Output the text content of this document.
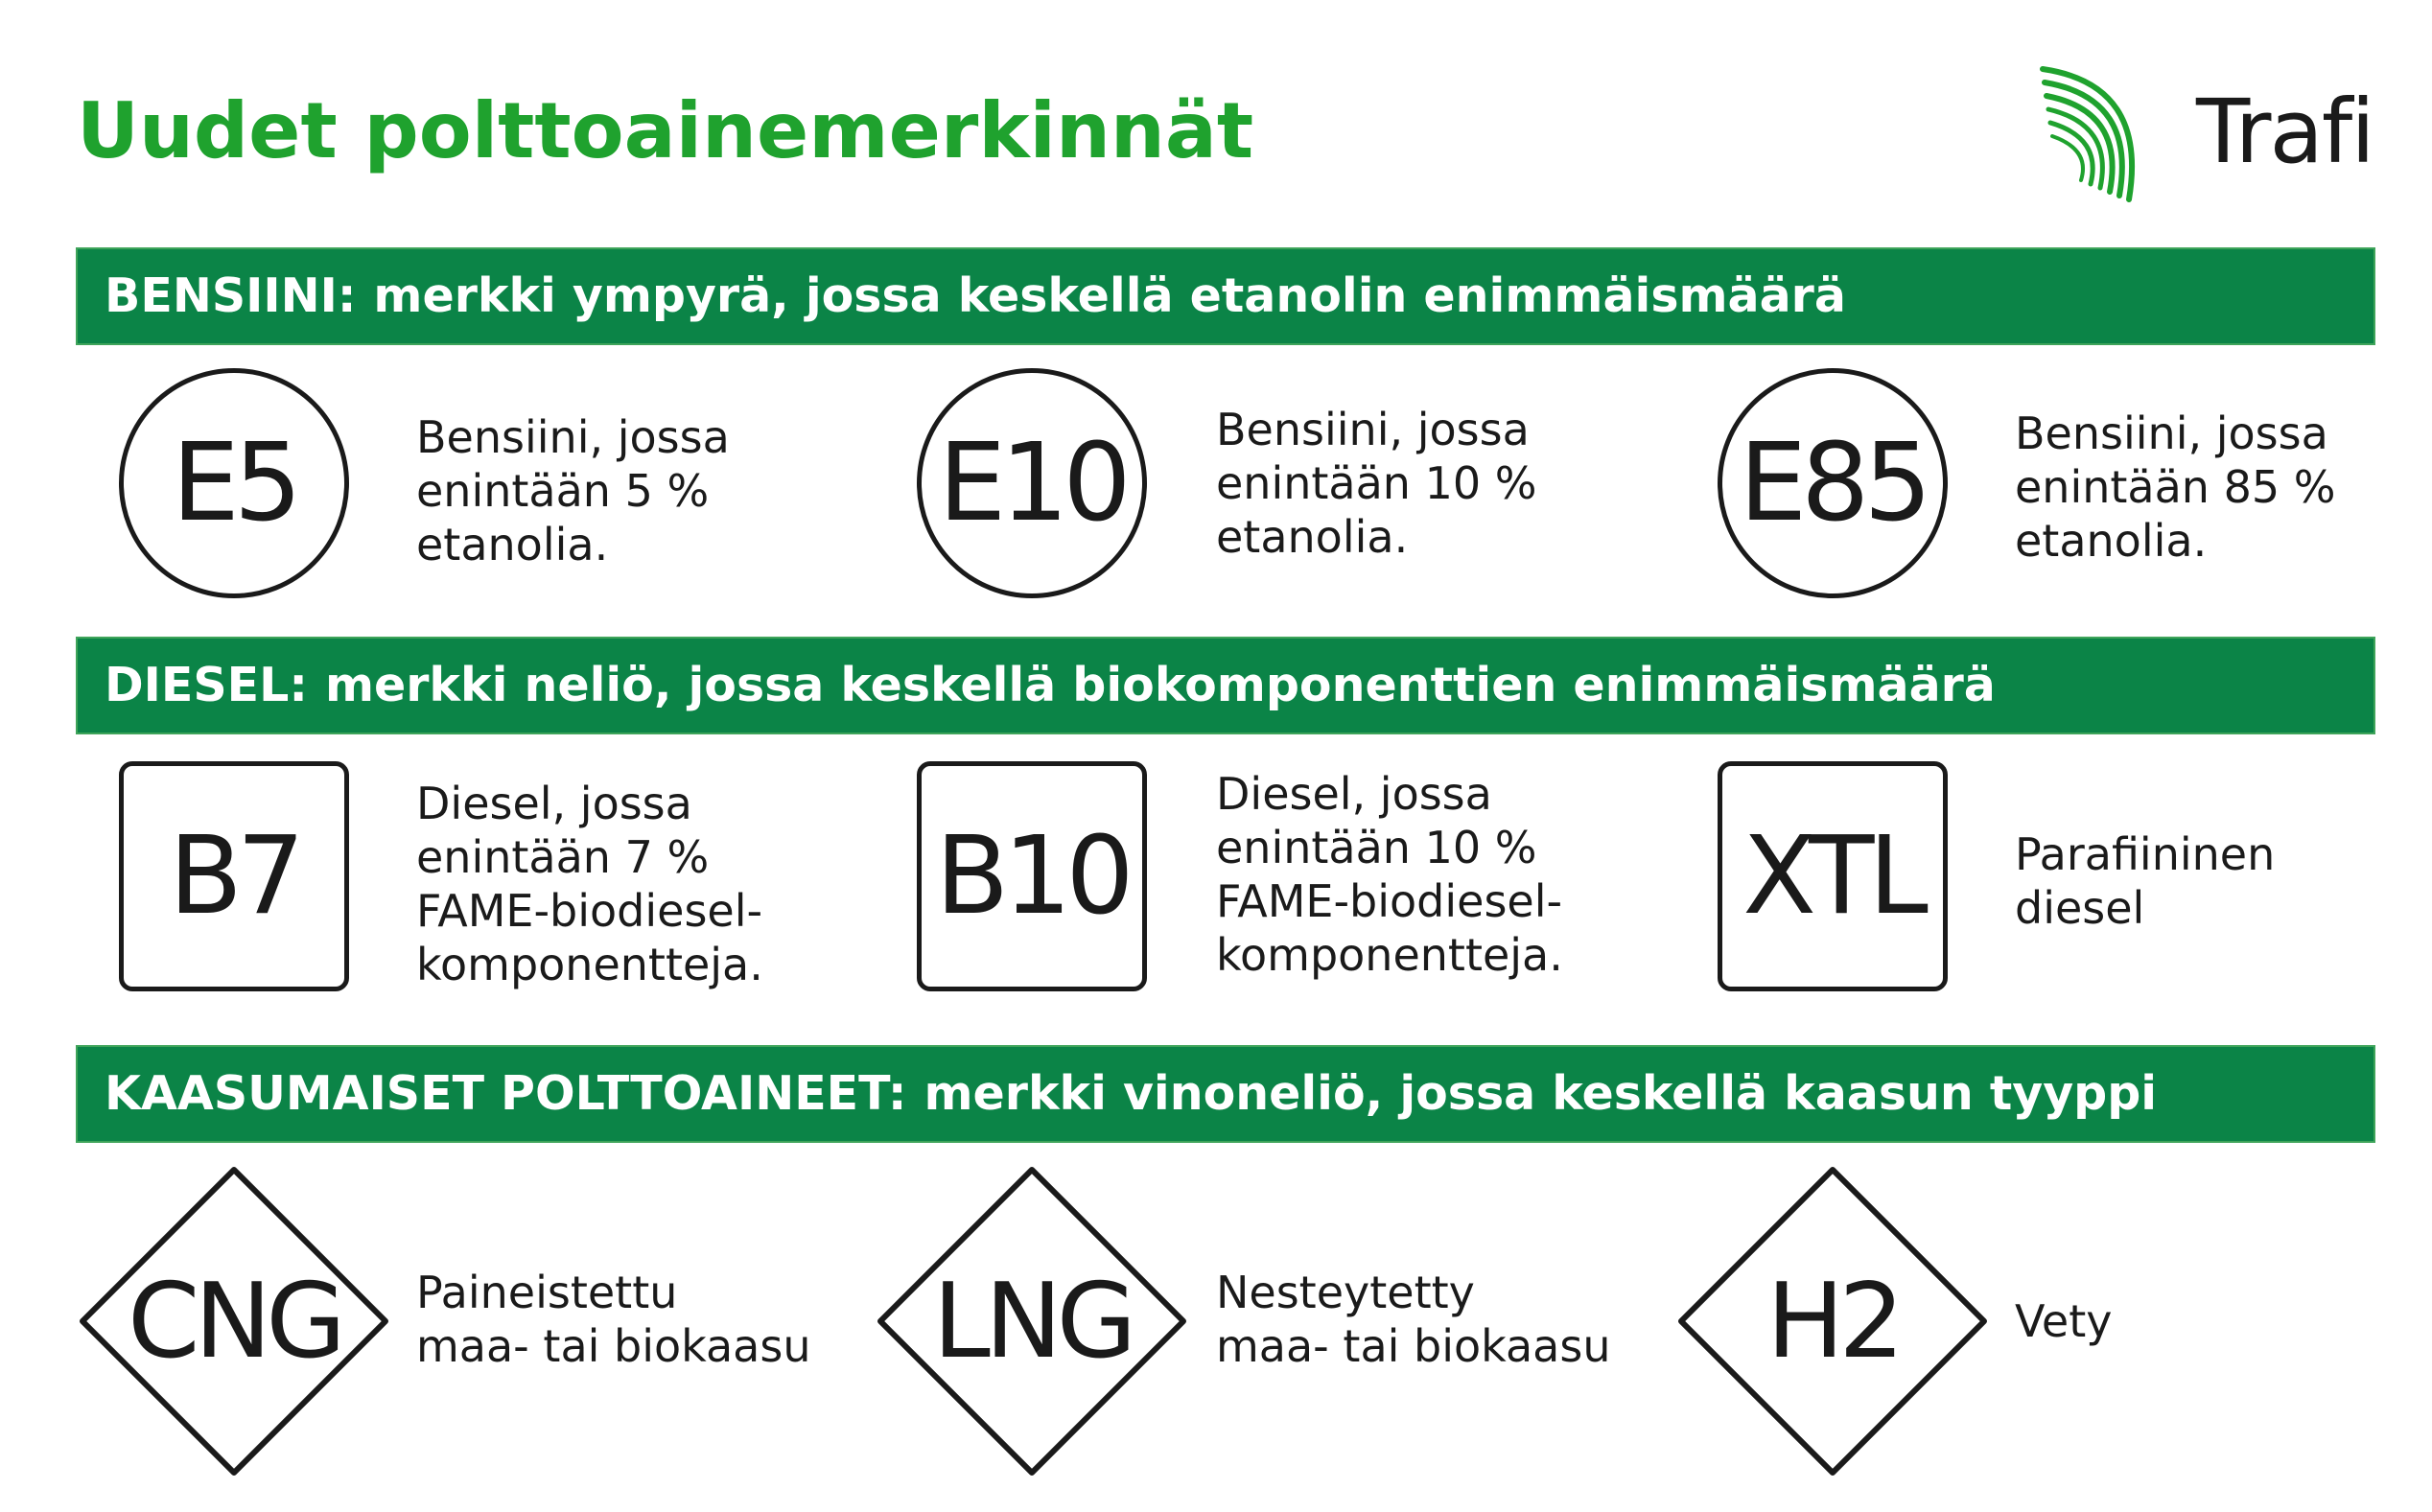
Uudet polttoainemerkinnät	Trafi
BENSIINI: merkki ympyrä, jossa keskellä etanolin enimmäismäärä
E5	Bensiini, jossa
enintään 5 %
etanolia.	E10 Bensiini, jossa
enintään 10 %
etanolia.	E85 Bensiini, jossa
enintään 85 %
etanolia.

DIESEL: merkki neliö, jossa keskellä biokomponenttien enimmäismäärä
B7

Diesel, jossa
enintään 7 %
FAME-biodiesel-
komponentteja.

B10

Diesel, jossa
enintään 10 %
FAME-biodiesel-
komponentteja.

XTL Parafiininen
diesel

KAASUMAISET POLTTOAINEET: merkki vinoneliö, jossa keskellä kaasun tyyppi
CNG Paineistettu
maa- tai biokaasu LNG Nesteytetty
maa- tai biokaasu H2	Vety
